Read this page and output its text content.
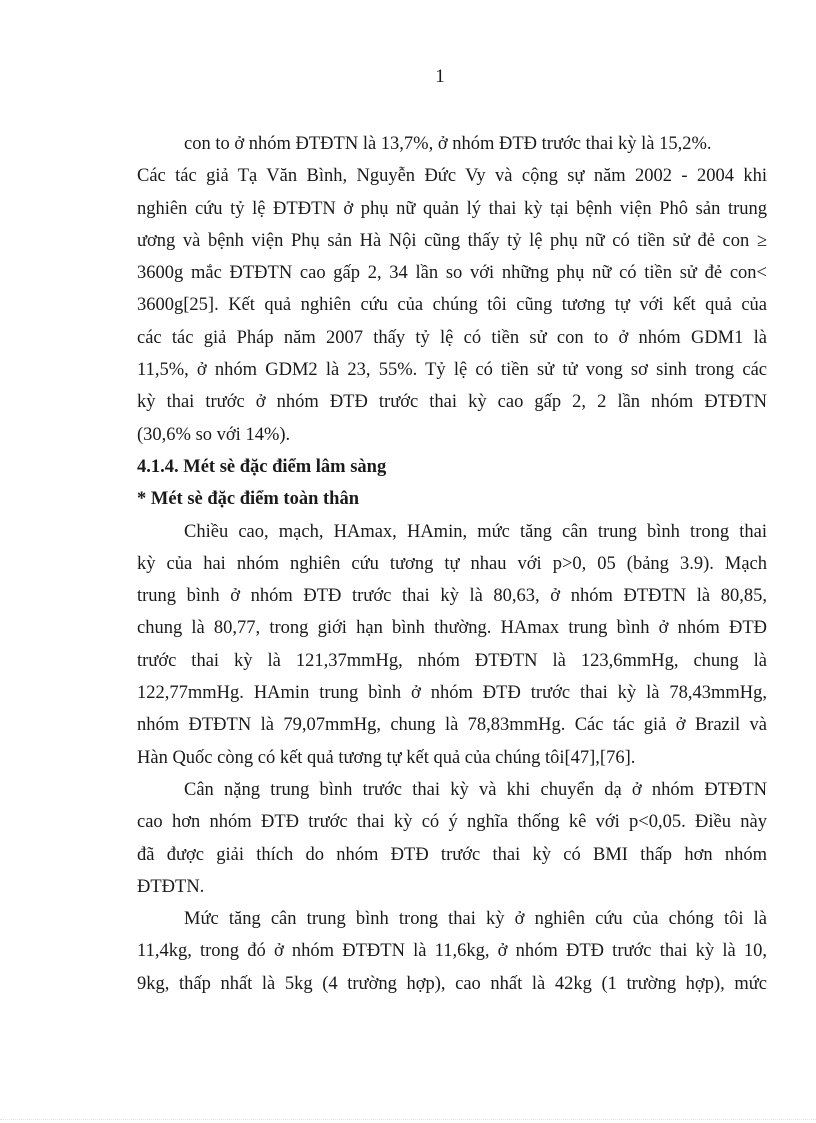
1
con to ở nhóm ĐTĐTN là 13,7%, ở nhóm ĐTĐ trước thai kỳ là 15,2%.
Các tác giả Tạ Văn Bình, Nguyễn Đức Vy và cộng sự năm 2002 - 2004 khi
nghiên cứu tỷ lệ ĐTĐTN ở phụ nữ quản lý thai kỳ tại bệnh viện Phô sản trung
ương và bệnh viện Phụ sản Hà Nội cũng thấy tỷ lệ phụ nữ có tiền sử đẻ con ≥
3600g mắc ĐTĐTN cao gấp 2, 34 lần so với những phụ nữ có tiền sử đẻ con<
3600g[25]. Kết quả nghiên cứu của chúng tôi cũng tương tự với kết quả của
các tác giả Pháp năm 2007 thấy tỷ lệ có tiền sử con to ở nhóm GDM1 là
11,5%, ở nhóm GDM2 là 23, 55%. Tỷ lệ có tiền sử tử vong sơ sinh trong các
kỳ thai trước ở nhóm ĐTĐ trước thai kỳ cao gấp 2, 2 lần nhóm ĐTĐTN
(30,6% so với 14%).
4.1.4. Mét sè đặc điểm lâm sàng
* Mét sè đặc điểm toàn thân
Chiều cao, mạch, HAmax, HAmin, mức tăng cân trung bình trong thai
kỳ của hai nhóm nghiên cứu tương tự nhau với p>0, 05 (bảng 3.9). Mạch
trung bình ở nhóm ĐTĐ trước thai kỳ là 80,63, ở nhóm ĐTĐTN là 80,85,
chung là 80,77, trong giới hạn bình thường. HAmax trung bình ở nhóm ĐTĐ
trước thai kỳ là 121,37mmHg, nhóm ĐTĐTN là 123,6mmHg, chung là
122,77mmHg. HAmin trung bình ở nhóm ĐTĐ trước thai kỳ là 78,43mmHg,
nhóm ĐTĐTN là 79,07mmHg, chung là 78,83mmHg. Các tác giả ở Brazil và
Hàn Quốc còng có kết quả tương tự kết quả của chúng tôi[47],[76].
Cân nặng trung bình trước thai kỳ và khi chuyển dạ ở nhóm ĐTĐTN
cao hơn nhóm ĐTĐ trước thai kỳ có ý nghĩa thống kê với p<0,05. Điều này
đã được giải thích do nhóm ĐTĐ trước thai kỳ có BMI thấp hơn nhóm
ĐTĐTN.
Mức tăng cân trung bình trong thai kỳ ở nghiên cứu của chóng tôi là
11,4kg, trong đó ở nhóm ĐTĐTN là 11,6kg, ở nhóm ĐTĐ trước thai kỳ là 10,
9kg, thấp nhất là 5kg (4 trường hợp), cao nhất là 42kg (1 trường hợp), mức
